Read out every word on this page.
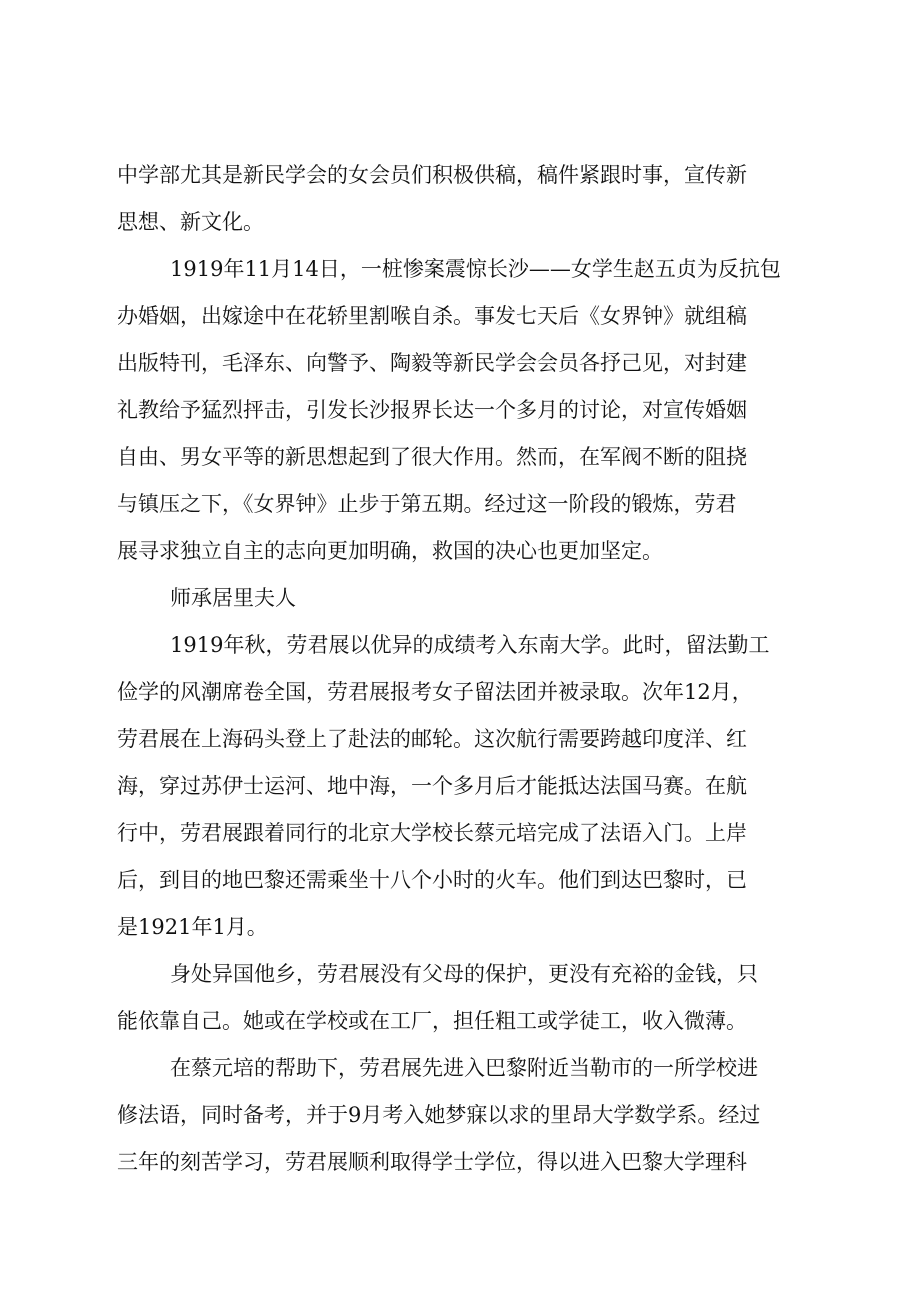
中学部尤其是新民学会的女会员们积极供稿，稿件紧跟时事，宣传新
思想、新文化。
1919年11月14日，一桩惨案震惊长沙——女学生赵五贞为反抗包
办婚姻，出嫁途中在花轿里割喉自杀。事发七天后《女界钟》就组稿
出版特刊，毛泽东、向警予、陶毅等新民学会会员各抒己见，对封建
礼教给予猛烈抨击，引发长沙报界长达一个多月的讨论，对宣传婚姻
自由、男女平等的新思想起到了很大作用。然而，在军阀不断的阻挠
与镇压之下，《女界钟》止步于第五期。经过这一阶段的锻炼，劳君
展寻求独立自主的志向更加明确，救国的决心也更加坚定。
师承居里夫人
1919年秋，劳君展以优异的成绩考入东南大学。此时，留法勤工
俭学的风潮席卷全国，劳君展报考女子留法团并被录取。次年12月，
劳君展在上海码头登上了赴法的邮轮。这次航行需要跨越印度洋、红
海，穿过苏伊士运河、地中海，一个多月后才能抵达法国马赛。在航
行中，劳君展跟着同行的北京大学校长蔡元培完成了法语入门。上岸
后，到目的地巴黎还需乘坐十八个小时的火车。他们到达巴黎时，已
是1921年1月。
身处异国他乡，劳君展没有父母的保护，更没有充裕的金钱，只
能依靠自己。她或在学校或在工厂，担任粗工或学徒工，收入微薄。
在蔡元培的帮助下，劳君展先进入巴黎附近当勒市的一所学校进
修法语，同时备考，并于9月考入她梦寐以求的里昂大学数学系。经过
三年的刻苦学习，劳君展顺利取得学士学位，得以进入巴黎大学理科
